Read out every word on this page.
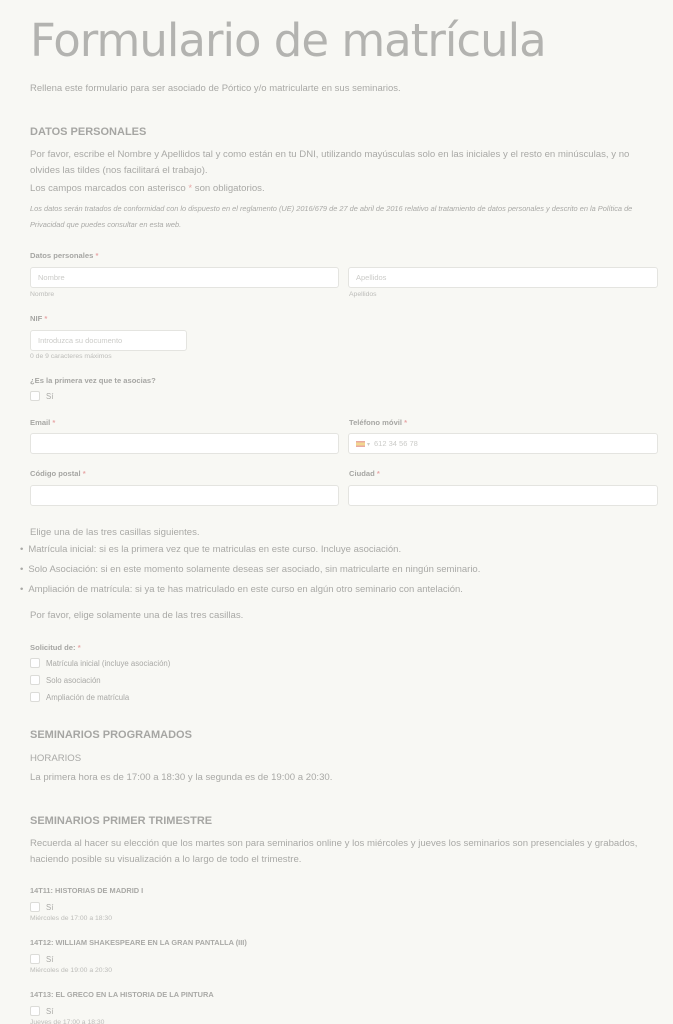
Formulario de matrícula
Rellena este formulario para ser asociado de Pórtico y/o matricularte en sus seminarios.
DATOS PERSONALES
Por favor, escribe el Nombre y Apellidos tal y como están en tu DNI, utilizando mayúsculas solo en las iniciales y el resto en minúsculas, y no olvides las tildes (nos facilitará el trabajo).
Los campos marcados con asterisco * son obligatorios.
Los datos serán tratados de conformidad con lo dispuesto en el reglamento (UE) 2016/679 de 27 de abril de 2016 relativo al tratamiento de datos personales y descrito en la Política de Privacidad que puedes consultar en esta web.
Datos personales *
Nombre
Nombre
Apellidos
Apellidos
NIF *
Introduzca su documento
0 de 9 caracteres máximos
¿Es la primera vez que te asocias?
Sí
Email *	Teléfono móvil *
▾ 612 34 56 78
Código postal *	Ciudad *
Elige una de las tres casillas siguientes.
• Matrícula inicial: si es la primera vez que te matriculas en este curso. Incluye asociación.
• Solo Asociación: si en este momento solamente deseas ser asociado, sin matricularte en ningún seminario.
• Ampliación de matrícula: si ya te has matriculado en este curso en algún otro seminario con antelación.
Por favor, elige solamente una de las tres casillas.
Solicitud de: *
Matrícula inicial (incluye asociación)
Solo asociación
Ampliación de matrícula
SEMINARIOS PROGRAMADOS
HORARIOS
La primera hora es de 17:00 a 18:30 y la segunda es de 19:00 a 20:30.
SEMINARIOS PRIMER TRIMESTRE
Recuerda al hacer su elección que los martes son para seminarios online y los miércoles y jueves los seminarios son presenciales y grabados, haciendo posible su visualización a lo largo de todo el trimestre.
14T11: HISTORIAS DE MADRID I
Sí
Miércoles de 17:00 a 18:30
14T12: WILLIAM SHAKESPEARE EN LA GRAN PANTALLA (III)
Sí
Miércoles de 19:00 a 20:30
14T13: EL GRECO EN LA HISTORIA DE LA PINTURA
Sí
Jueves de 17:00 a 18:30
